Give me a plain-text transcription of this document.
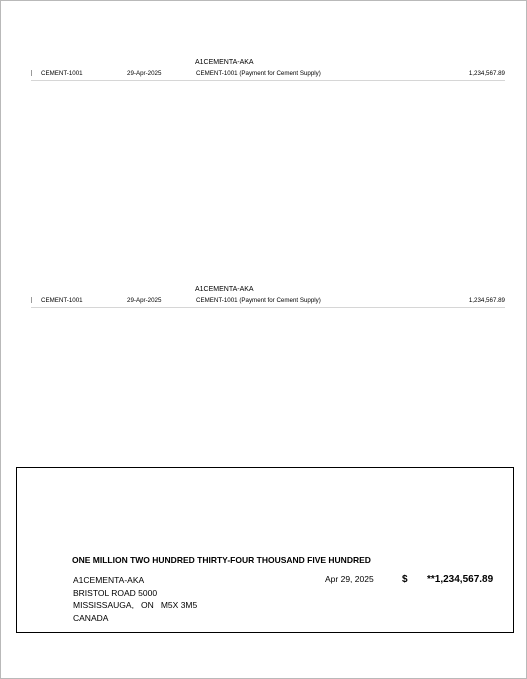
A1CEMENTA-AKA
CEMENT-1001	29-Apr-2025	CEMENT-1001 (Payment for Cement Supply)	1,234,567.89
A1CEMENTA-AKA
CEMENT-1001	29-Apr-2025	CEMENT-1001 (Payment for Cement Supply)	1,234,567.89
ONE MILLION TWO HUNDRED THIRTY-FOUR THOUSAND FIVE HUNDRED
A1CEMENTA-AKA
BRISTOL ROAD 5000
MISSISSAUGA,   ON   M5X 3M5
CANADA
Apr 29, 2025	$ **1,234,567.89
